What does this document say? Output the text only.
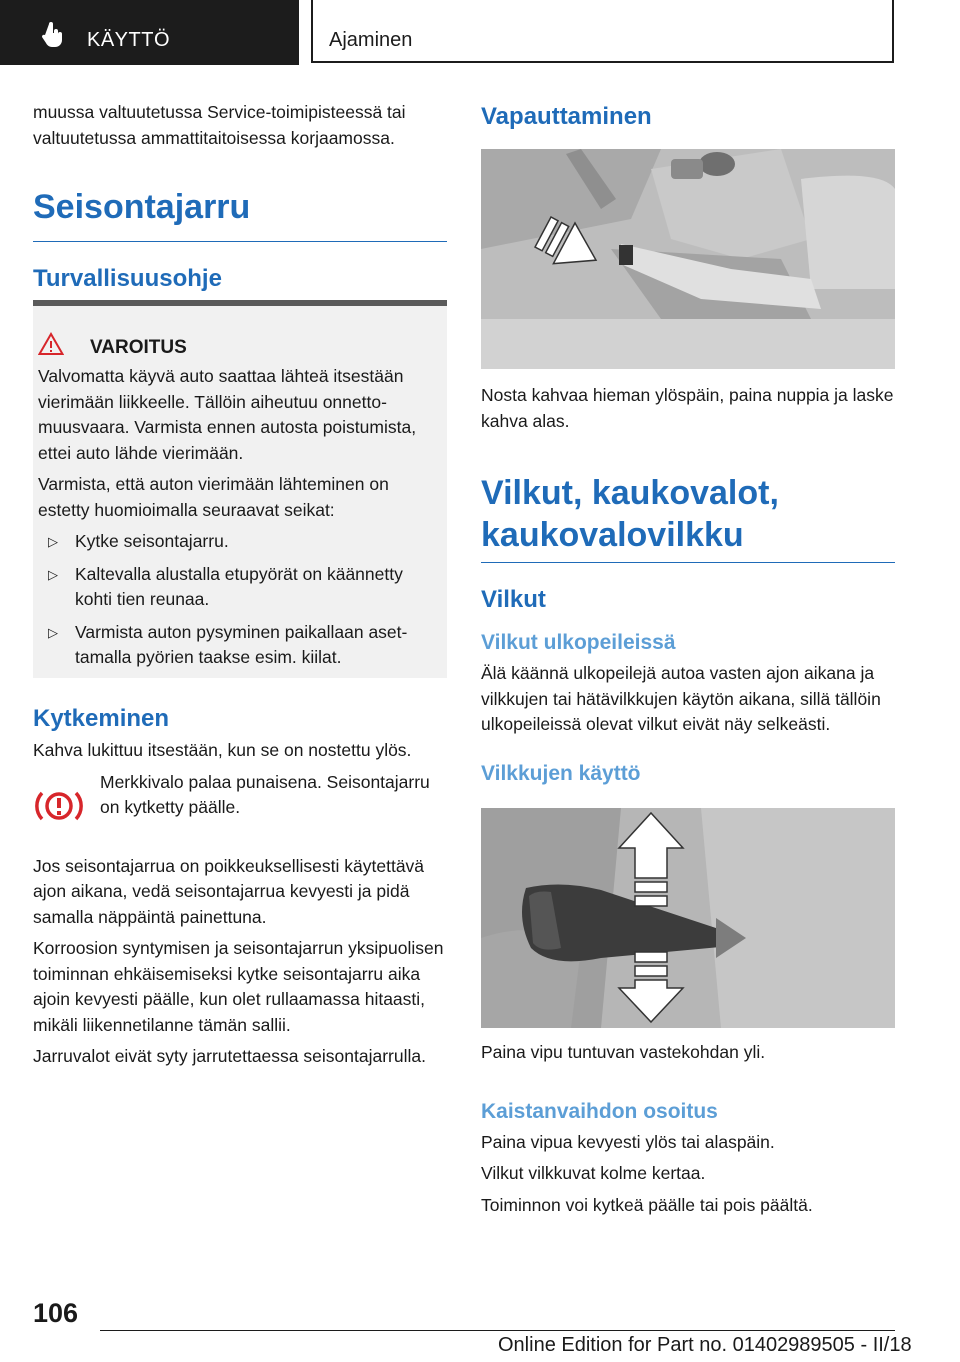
KÄYTTÖ	Ajaminen

muussa valtuutetussa Service-toimipisteessä tai valtuutetussa ammattitaitoisessa korjaamossa.

Seisontajarru
Turvallisuusohje
VAROITUS

Valvomatta käyvä auto saattaa lähteä itsestään vierimään liikkeelle. Tällöin aiheutuu onnettomuusvaara. Varmista ennen autosta poistumista, ettei auto lähde vierimään.

Varmista, että auton vierimään lähteminen on estetty huomioimalla seuraavat seikat:

▷ Kytke seisontajarru.
▷ Kaltevalla alustalla etupyörät on käännetty kohti tien reunaa.
▷ Varmista auton pysyminen paikallaan asettamalla pyörien taakse esim. kiilat.
Kytkeminen

Kahva lukittuu itsestään, kun se on nostettu ylös.

Merkkivalo palaa punaisena. Seisontajarru on kytketty päälle.

Jos seisontajarrua on poikkeuksellisesti käytettävä ajon aikana, vedä seisontajarrua kevyesti ja pidä samalla näppäintä painettuna.

Korroosion syntymisen ja seisontajarrun yksipuolisen toiminnan ehkäisemiseksi kytke seisontajarru aika ajoin kevyesti päälle, kun olet rullaamassa hitaasti, mikäli liikennetilanne tämän sallii.

Jarruvalot eivät syty jarrutettaessa seisontajarrulla.

Vapauttaminen

Nosta kahvaa hieman ylöspäin, paina nuppia ja laske kahva alas.

Vilkut, kaukovalot, kaukovalovilkku
Vilkut
Vilkut ulkopeileissä

Älä käännä ulkopeilejä autoa vasten ajon aikana ja vilkkujen tai hätävilkkujen käytön aikana, sillä tällöin ulkopeileissä olevat vilkut eivät näy selkeästi.

Vilkkujen käyttö

Paina vipu tuntuvan vastekohdan yli.

Kaistanvaihdon osoitus

Paina vipua kevyesti ylös tai alaspäin.

Vilkut vilkkuvat kolme kertaa.

Toiminnon voi kytkeä päälle tai pois päältä.

106
Online Edition for Part no. 01402989505 - II/18
